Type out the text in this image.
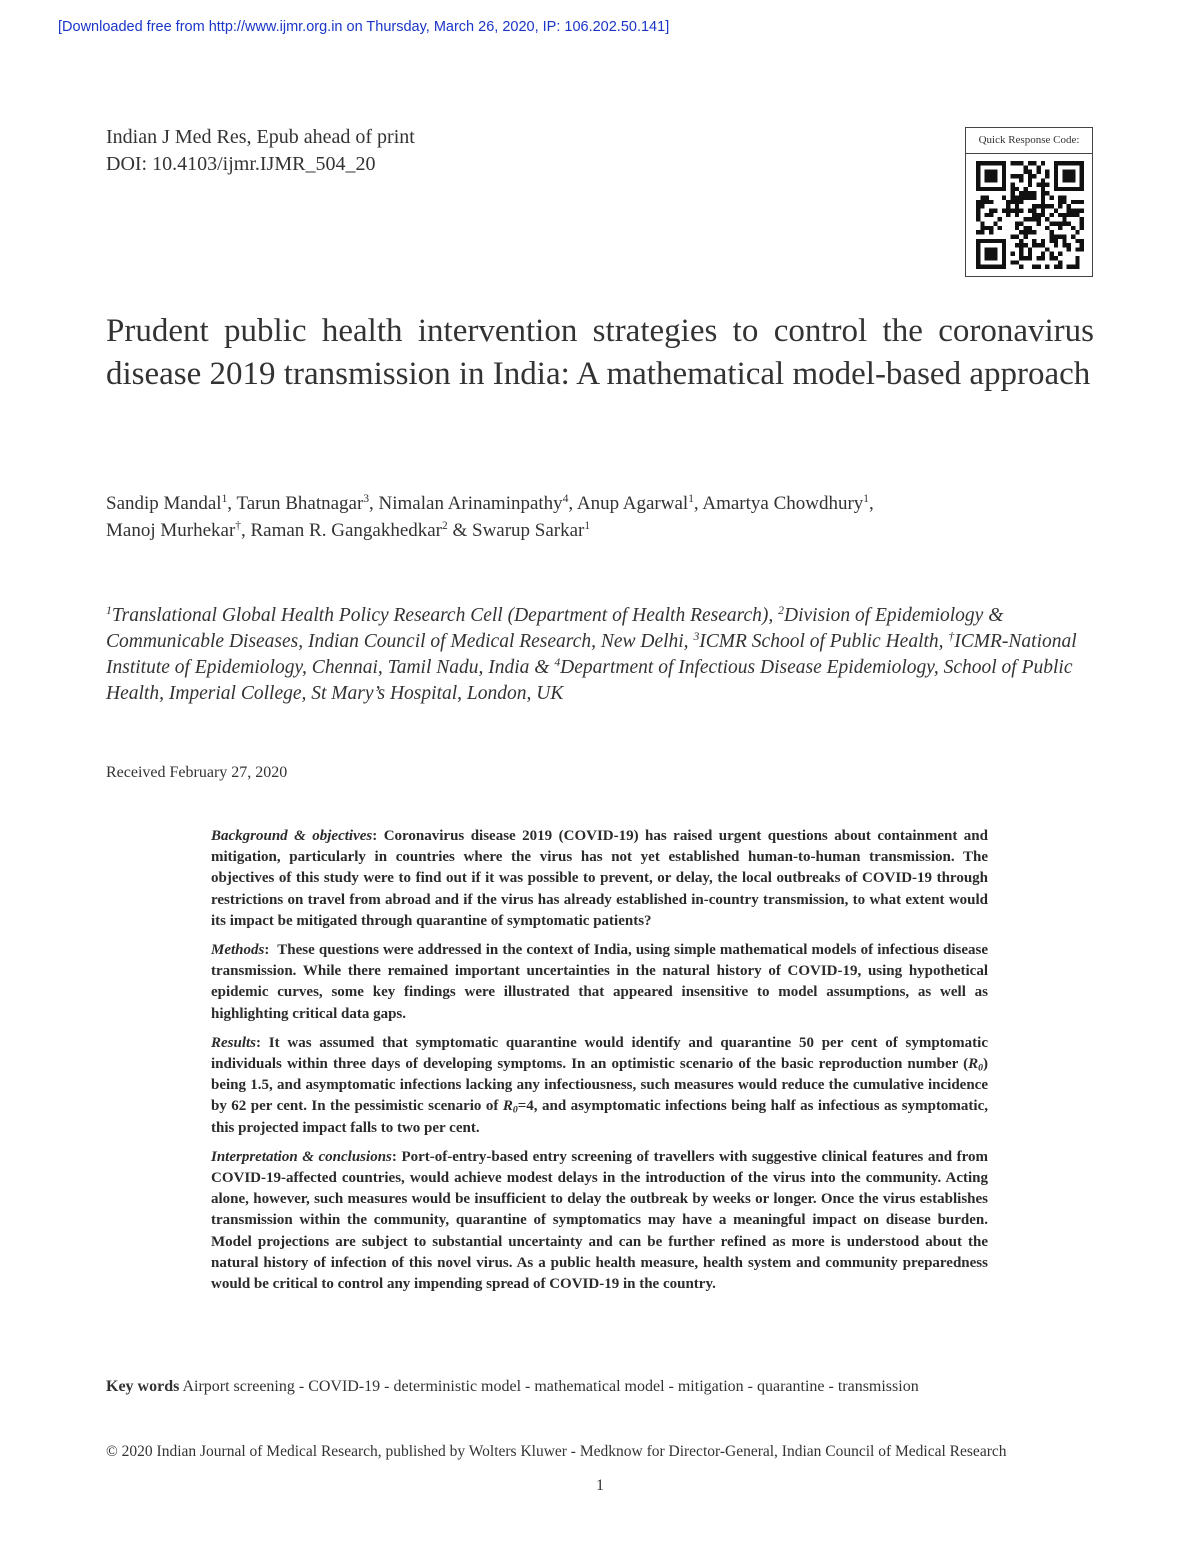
[Downloaded free from http://www.ijmr.org.in on Thursday, March 26, 2020, IP: 106.202.50.141]
Indian J Med Res, Epub ahead of print
DOI: 10.4103/ijmr.IJMR_504_20
Quick Response Code:
Prudent public health intervention strategies to control the coronavirus disease 2019 transmission in India: A mathematical model-based approach
Sandip Mandal$^1$, Tarun Bhatnagar$^3$, Nimalan Arinaminpathy$^4$, Anup Agarwal$^1$, Amartya Chowdhury$^1$,
Manoj Murhekar†, Raman R. Gangakhedkar$^2$ & Swarup Sarkar$^1$
$^1$Translational Global Health Policy Research Cell (Department of Health Research), $^2$Division of Epidemiology & Communicable Diseases, Indian Council of Medical Research, New Delhi, $^3$ICMR School of Public Health, †ICMR-National Institute of Epidemiology, Chennai, Tamil Nadu, India & $^4$Department of Infectious Disease Epidemiology, School of Public Health, Imperial College, St Mary’s Hospital, London, UK
Received February 27, 2020

Background & objectives: Coronavirus disease 2019 (COVID-19) has raised urgent questions about containment and mitigation, particularly in countries where the virus has not yet established human-to-human transmission. The objectives of this study were to find out if it was possible to prevent, or delay, the local outbreaks of COVID-19 through restrictions on travel from abroad and if the virus has already established in-country transmission, to what extent would its impact be mitigated through quarantine of symptomatic patients?

Methods:  These questions were addressed in the context of India, using simple mathematical models of infectious disease transmission. While there remained important uncertainties in the natural history of COVID-19, using hypothetical epidemic curves, some key findings were illustrated that appeared insensitive to model assumptions, as well as highlighting critical data gaps.

Results: It was assumed that symptomatic quarantine would identify and quarantine 50 per cent of symptomatic individuals within three days of developing symptoms. In an optimistic scenario of the basic reproduction number $(R_0)$ being 1.5, and asymptomatic infections lacking any infectiousness, such measures would reduce the cumulative incidence by 62 per cent. In the pessimistic scenario of $R_0=4$, and asymptomatic infections being half as infectious as symptomatic, this projected impact falls to two per cent.

Interpretation & conclusions: Port-of-entry-based entry screening of travellers with suggestive clinical features and from COVID-19-affected countries, would achieve modest delays in the introduction of the virus into the community. Acting alone, however, such measures would be insufficient to delay the outbreak by weeks or longer. Once the virus establishes transmission within the community, quarantine of symptomatics may have a meaningful impact on disease burden. Model projections are subject to substantial uncertainty and can be further refined as more is understood about the natural history of infection of this novel virus. As a public health measure, health system and community preparedness would be critical to control any impending spread of COVID-19 in the country.

Key words Airport screening - COVID-19 - deterministic model - mathematical model - mitigation - quarantine - transmission
© 2020 Indian Journal of Medical Research, published by Wolters Kluwer - Medknow for Director-General, Indian Council of Medical Research
1
